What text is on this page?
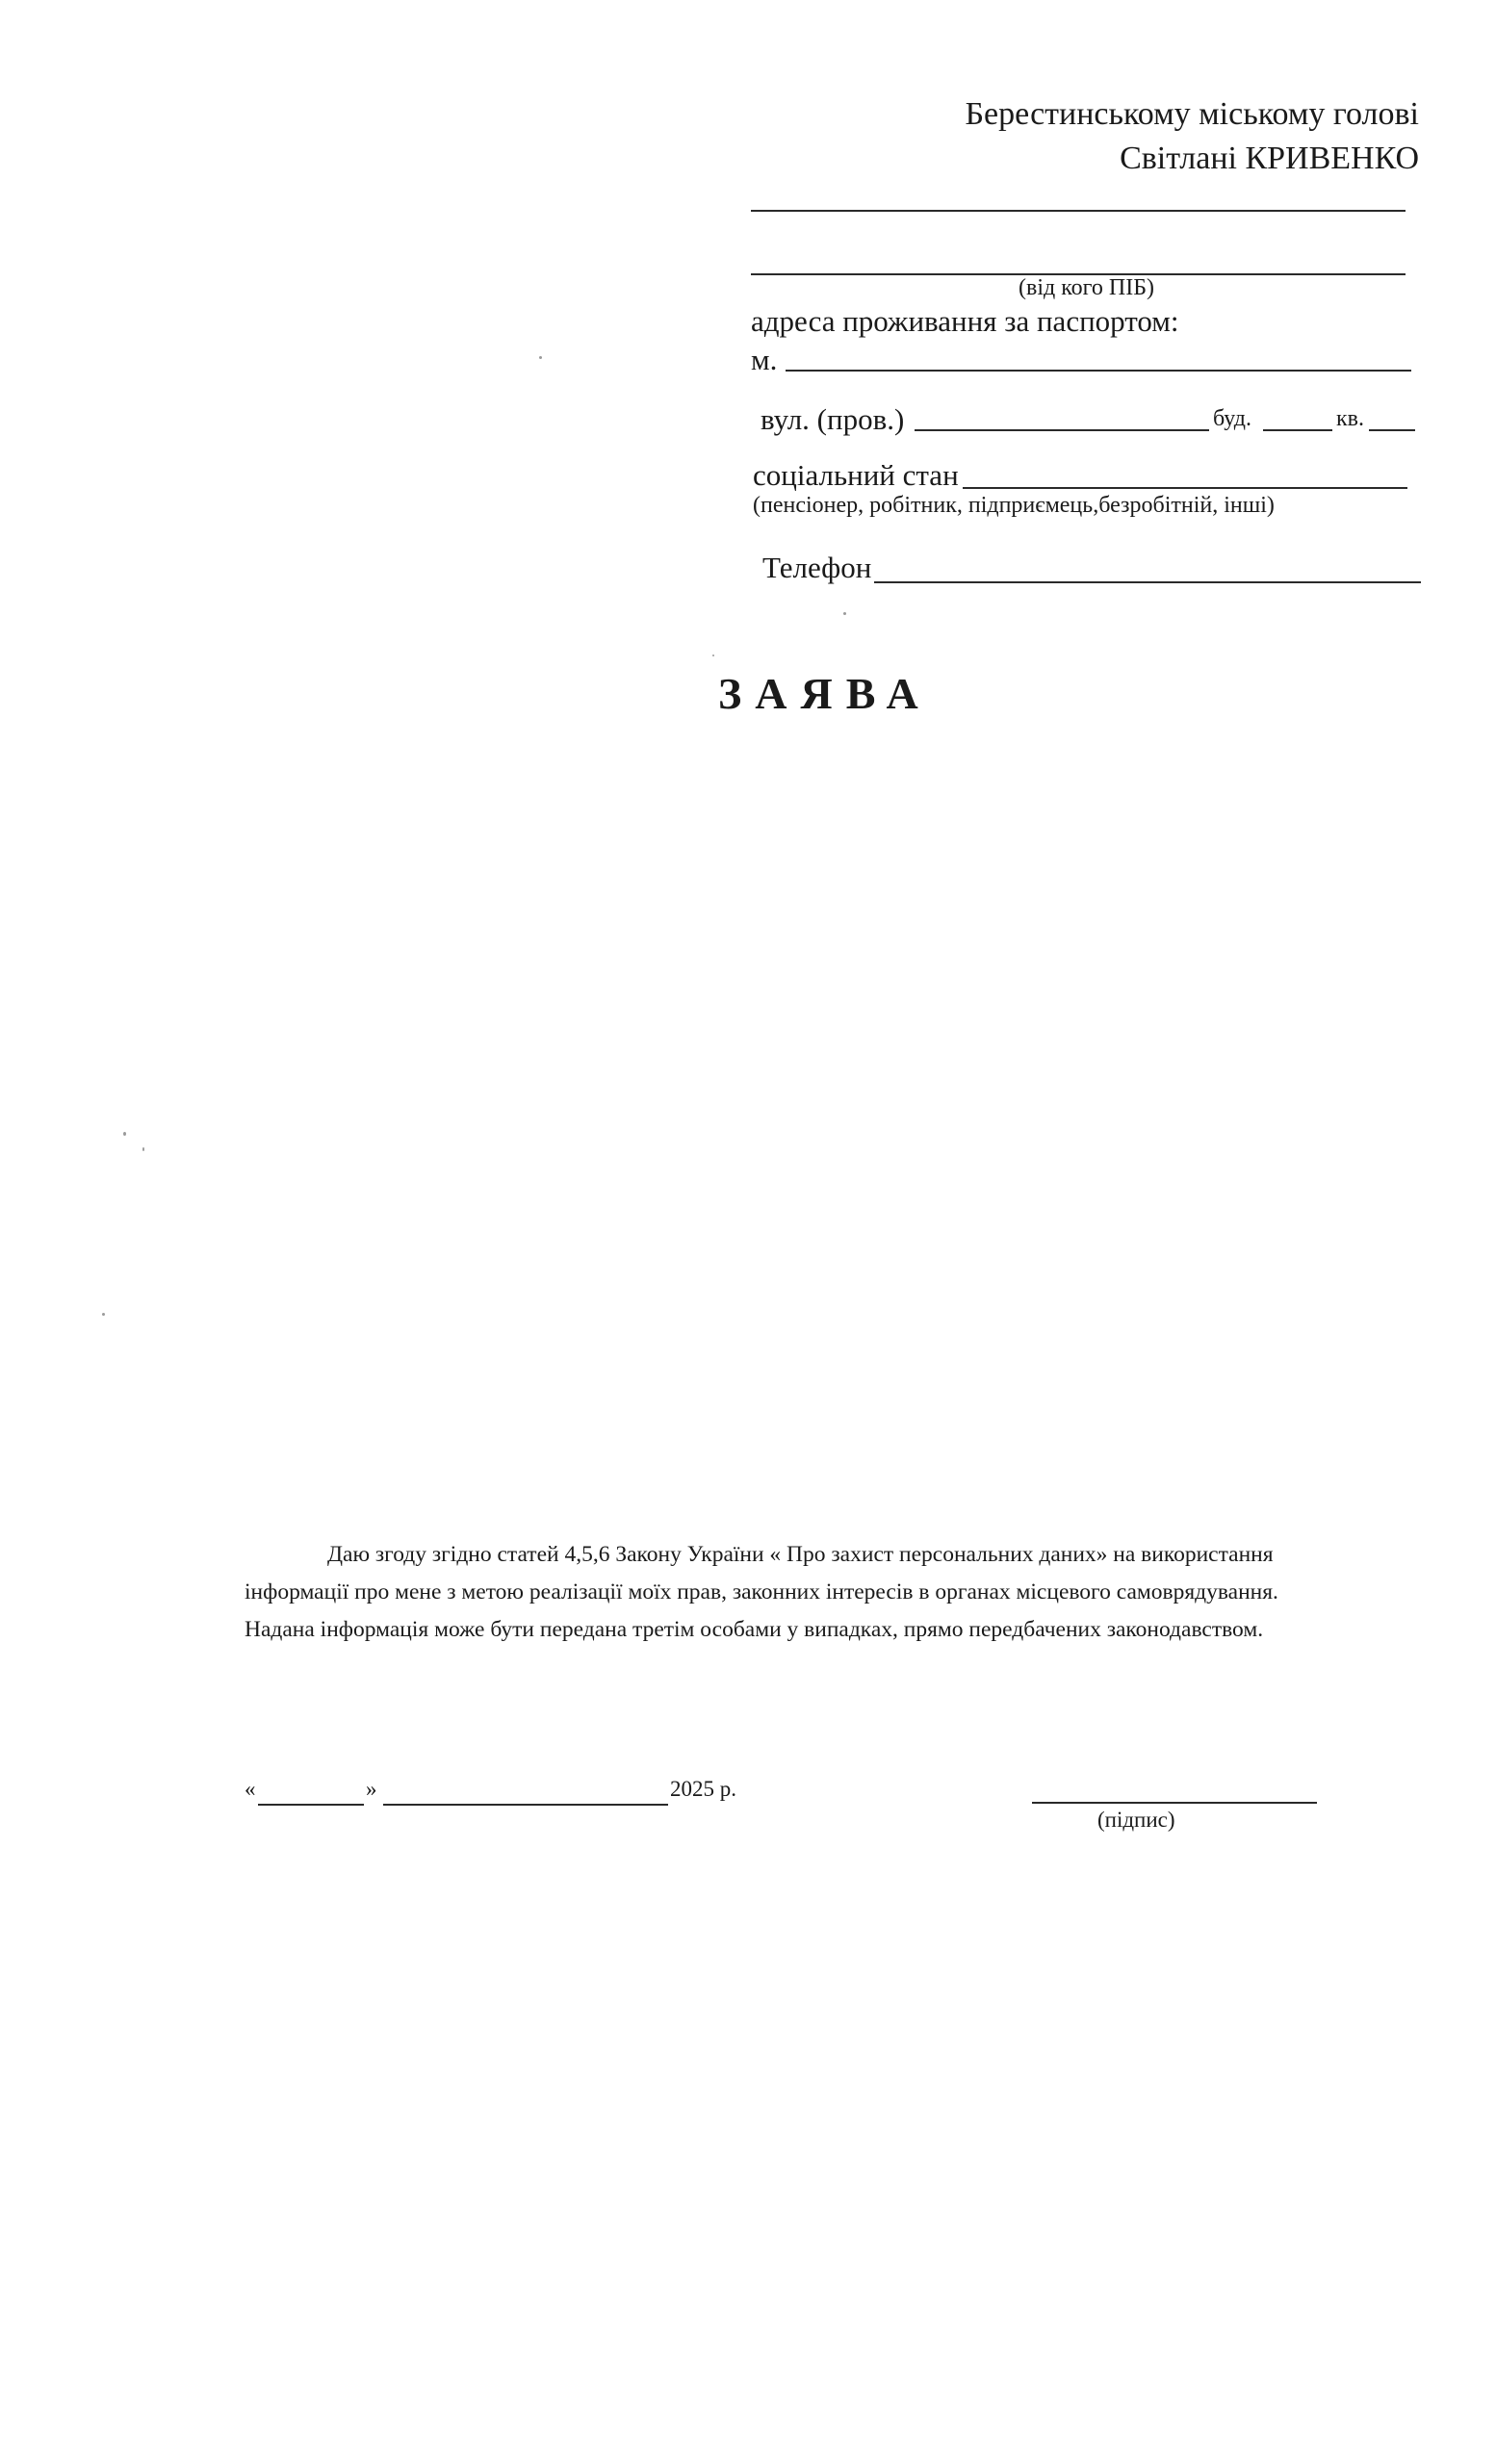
Берестинському міському голові
Світлані КРИВЕНКО
(від кого ПІБ)
адреса проживання за паспортом:
м.
вул. (пров.)	буд.	кв.
соціальний стан
(пенсіонер, робітник, підприємець,безробітній, інші)
Телефон
ЗАЯВА

Даю згоду згідно статей 4,5,6 Закону України « Про захист персональних даних» на використання

інформації про мене з метою реалізації моїх прав, законних інтересів в органах місцевого самоврядування.

Надана інформація може бути передана третім особами у випадках, прямо передбачених законодавством.

«	»	2025 р.
(підпис)
